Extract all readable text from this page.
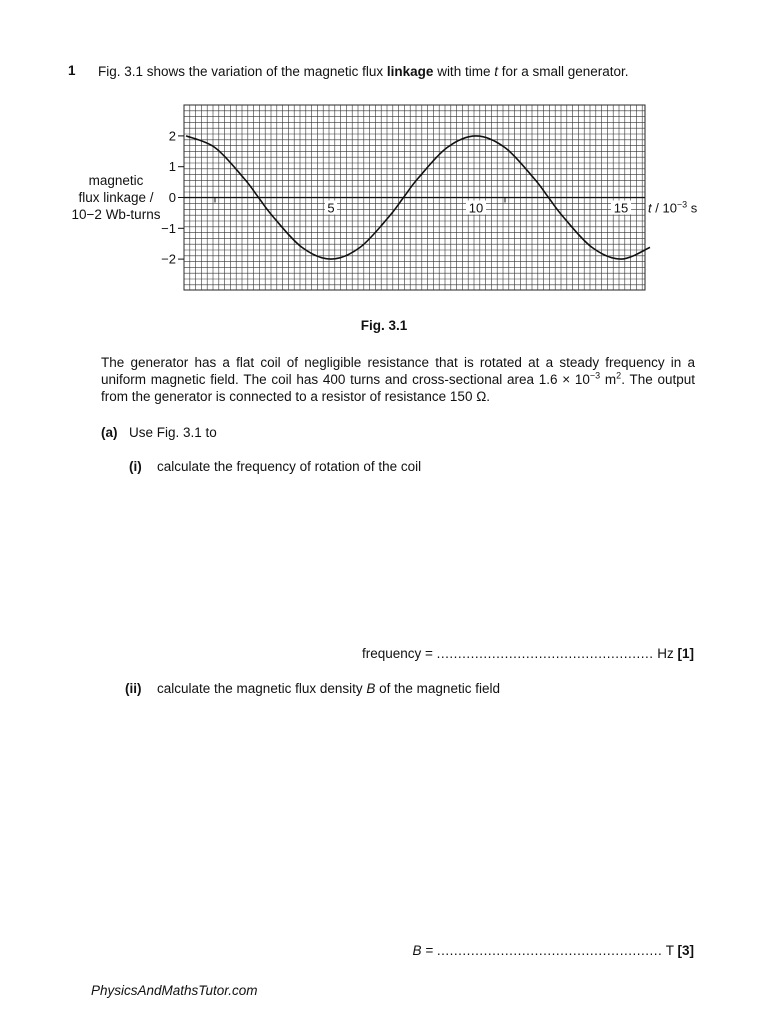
1 Fig. 3.1 shows the variation of the magnetic flux linkage with time t for a small generator.
magnetic
flux linkage /
10−2 Wb-turns
2
1
0
−1
−2
5	10	15 t / $10^{-3}$ s
Fig. 3.1
The generator has a flat coil of negligible resistance that is rotated at a steady frequency in a uniform magnetic field. The coil has 400 turns and cross-sectional area $1.6 \times 10^{-3}$ $m^2$. The output from the generator is connected to a resistor of resistance 150 Ω.
(a) Use Fig. 3.1 to
(i) calculate the frequency of rotation of the coil
frequency = ................................................... Hz [1]
(ii) calculate the magnetic flux density B of the magnetic field
B = ..................................................... T [3]
PhysicsAndMathsTutor.com
